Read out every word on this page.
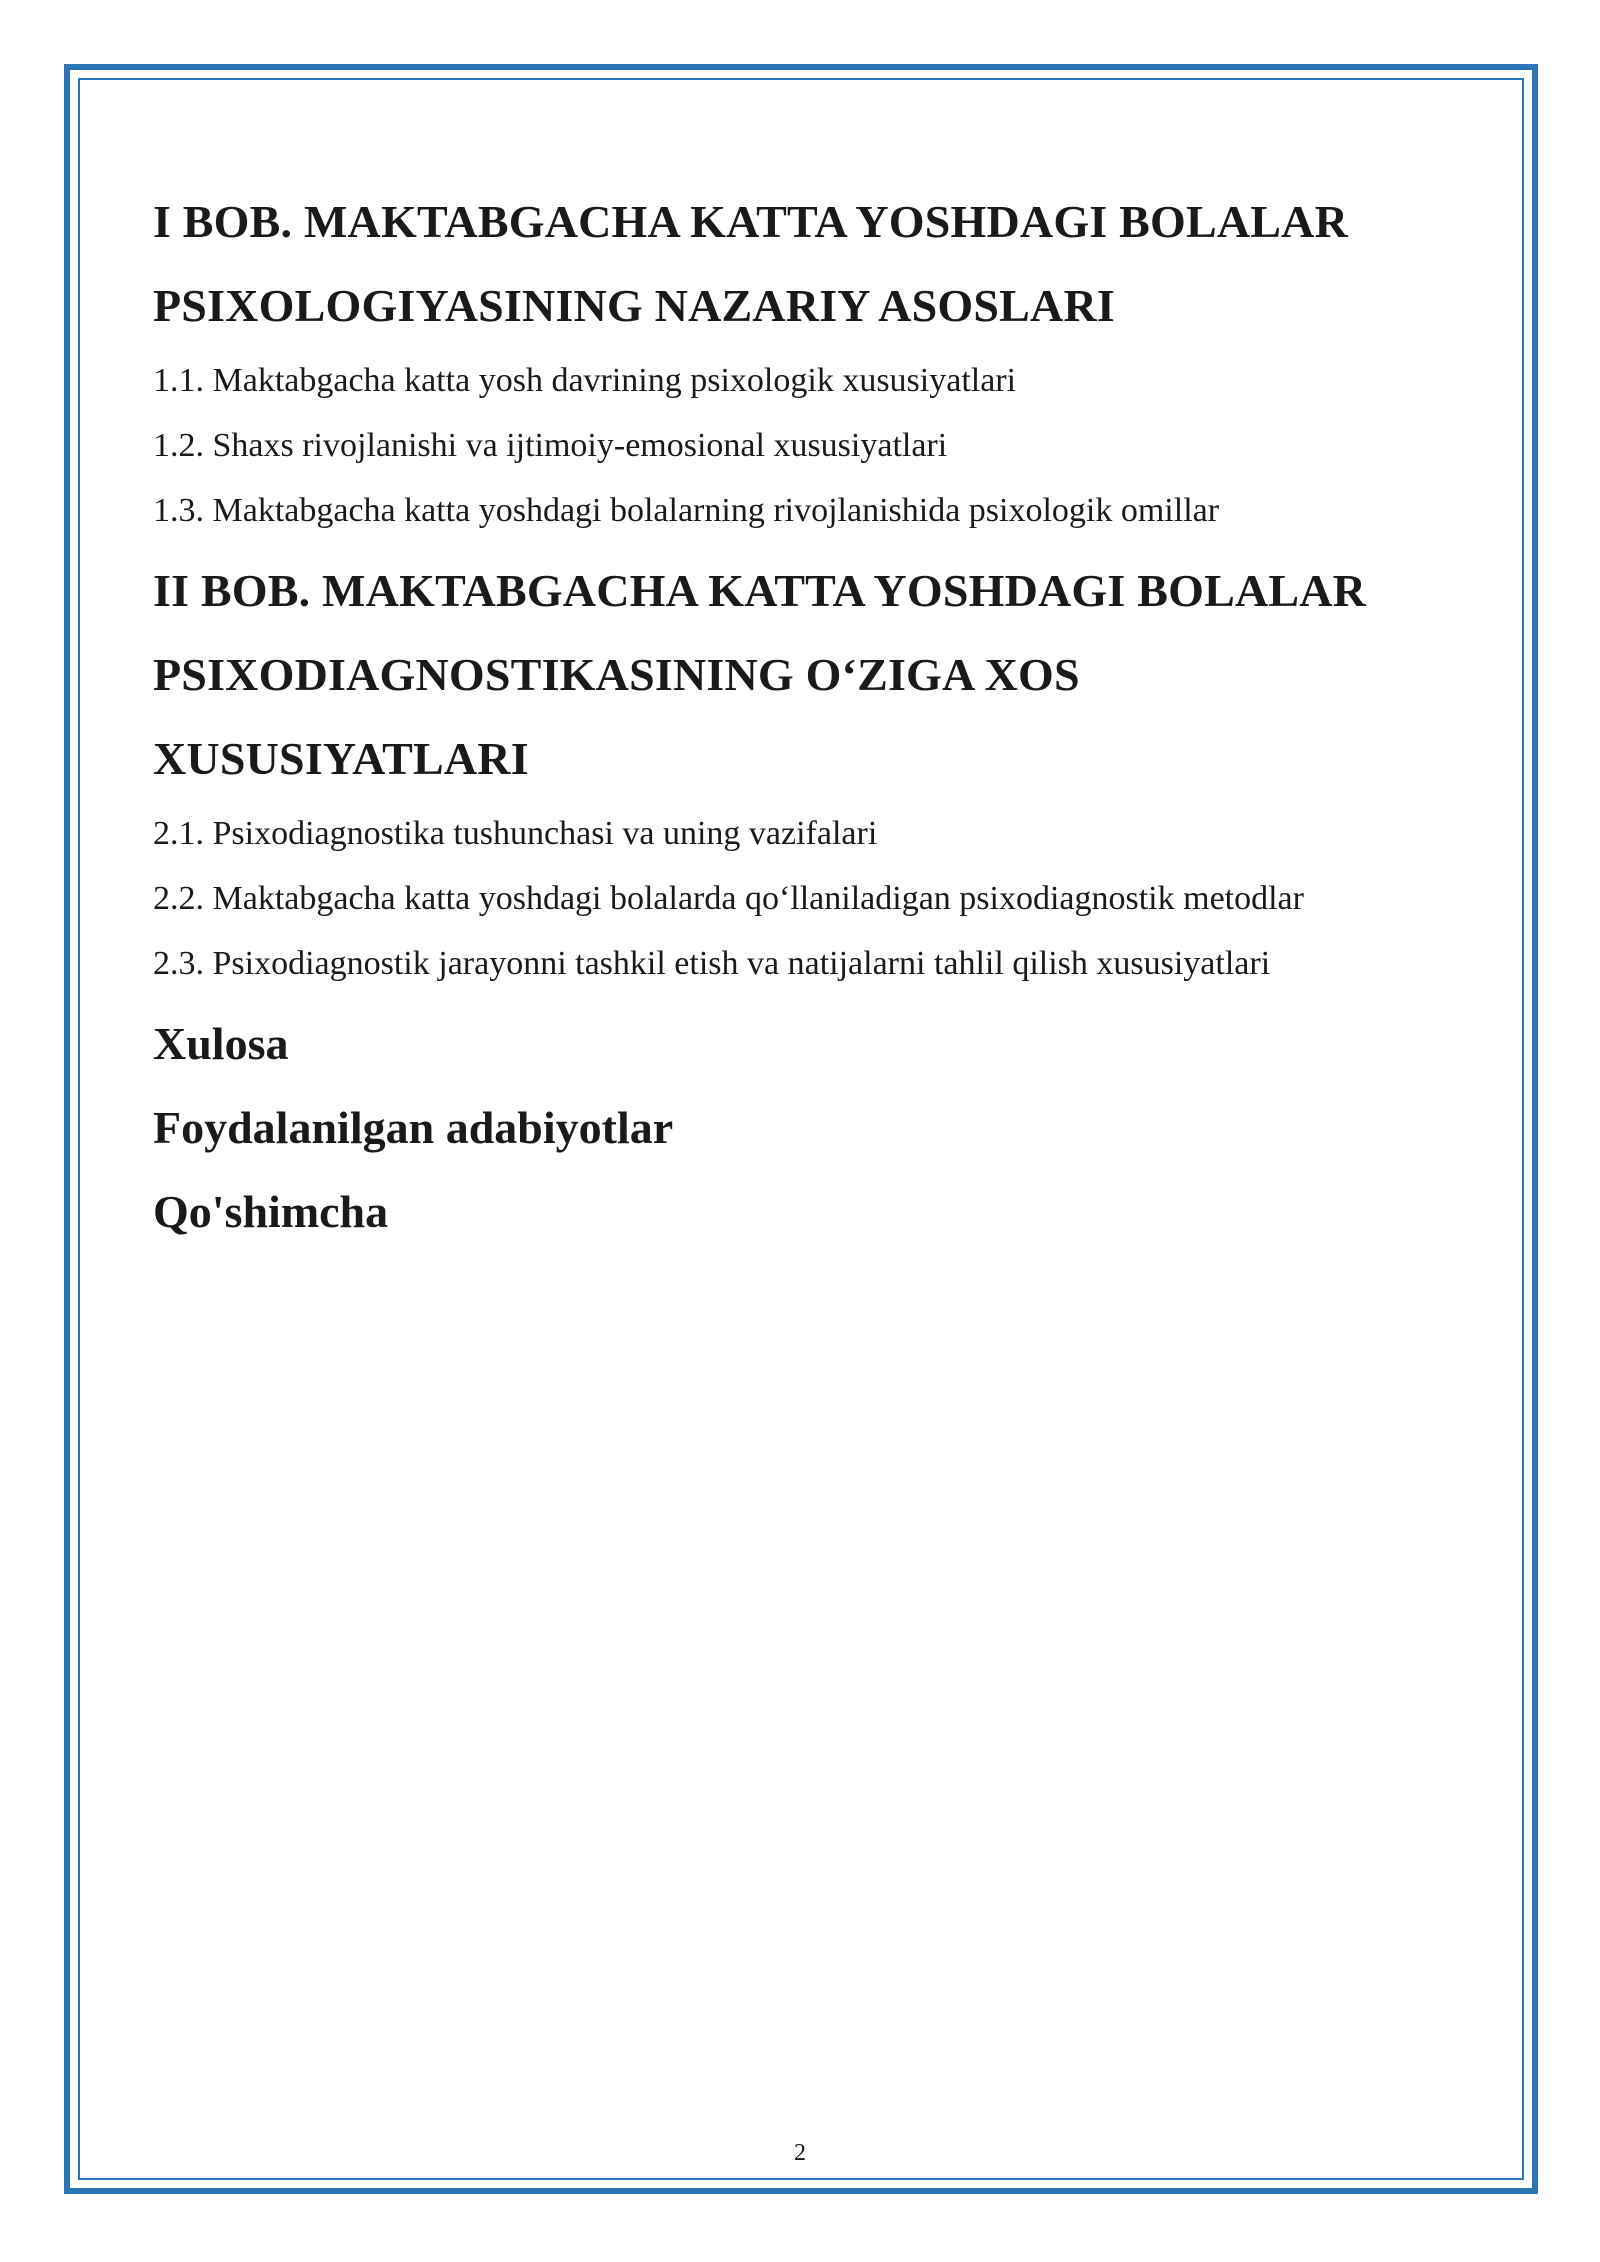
I BOB. MAKTABGACHA KATTA YOSHDAGI BOLALAR

PSIXOLOGIYASINING NAZARIY ASOSLARI

1.1. Maktabgacha katta yosh davrining psixologik xususiyatlari

1.2. Shaxs rivojlanishi va ijtimoiy-emosional xususiyatlari

1.3. Maktabgacha katta yoshdagi bolalarning rivojlanishida psixologik omillar

II BOB. MAKTABGACHA KATTA YOSHDAGI BOLALAR

PSIXODIAGNOSTIKASINING O‘ZIGA XOS

XUSUSIYATLARI

2.1. Psixodiagnostika tushunchasi va uning vazifalari

2.2. Maktabgacha katta yoshdagi bolalarda qo‘llaniladigan psixodiagnostik metodlar

2.3. Psixodiagnostik jarayonni tashkil etish va natijalarni tahlil qilish xususiyatlari

Xulosa

Foydalanilgan adabiyotlar

Qo'shimcha

2
